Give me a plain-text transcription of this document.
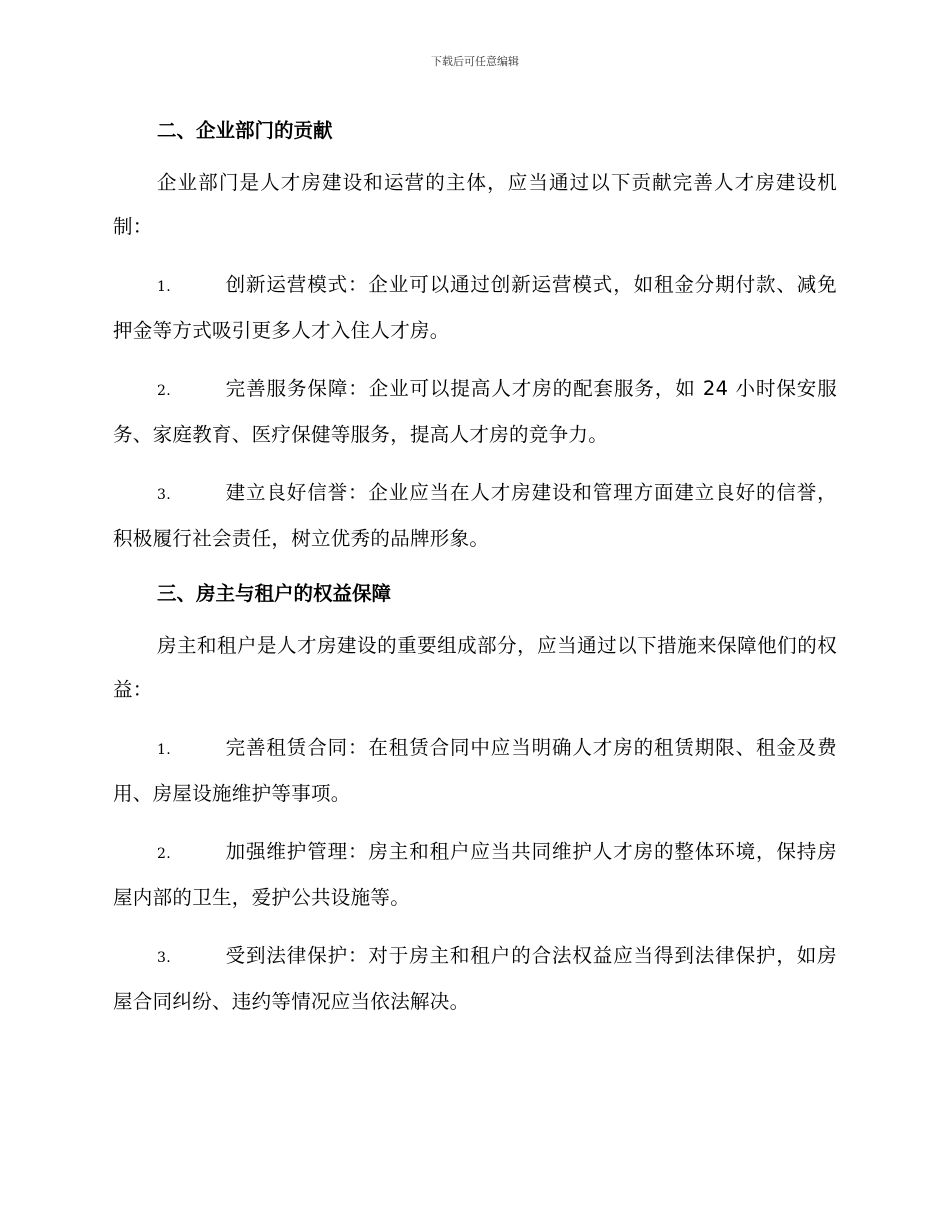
下载后可任意编辑
二、企业部门的贡献

企业部门是人才房建设和运营的主体，应当通过以下贡献完善人才房建设机制：

1.	创新运营模式：企业可以通过创新运营模式，如租金分期付款、减免押金等方式吸引更多人才入住人才房。

2.	完善服务保障：企业可以提高人才房的配套服务，如 24 小时保安服务、家庭教育、医疗保健等服务，提高人才房的竞争力。

3.	建立良好信誉：企业应当在人才房建设和管理方面建立良好的信誉，积极履行社会责任，树立优秀的品牌形象。

三、房主与租户的权益保障

房主和租户是人才房建设的重要组成部分，应当通过以下措施来保障他们的权益：

1.	完善租赁合同：在租赁合同中应当明确人才房的租赁期限、租金及费用、房屋设施维护等事项。

2.	加强维护管理：房主和租户应当共同维护人才房的整体环境，保持房屋内部的卫生，爱护公共设施等。

3.	受到法律保护：对于房主和租户的合法权益应当得到法律保护，如房屋合同纠纷、违约等情况应当依法解决。
